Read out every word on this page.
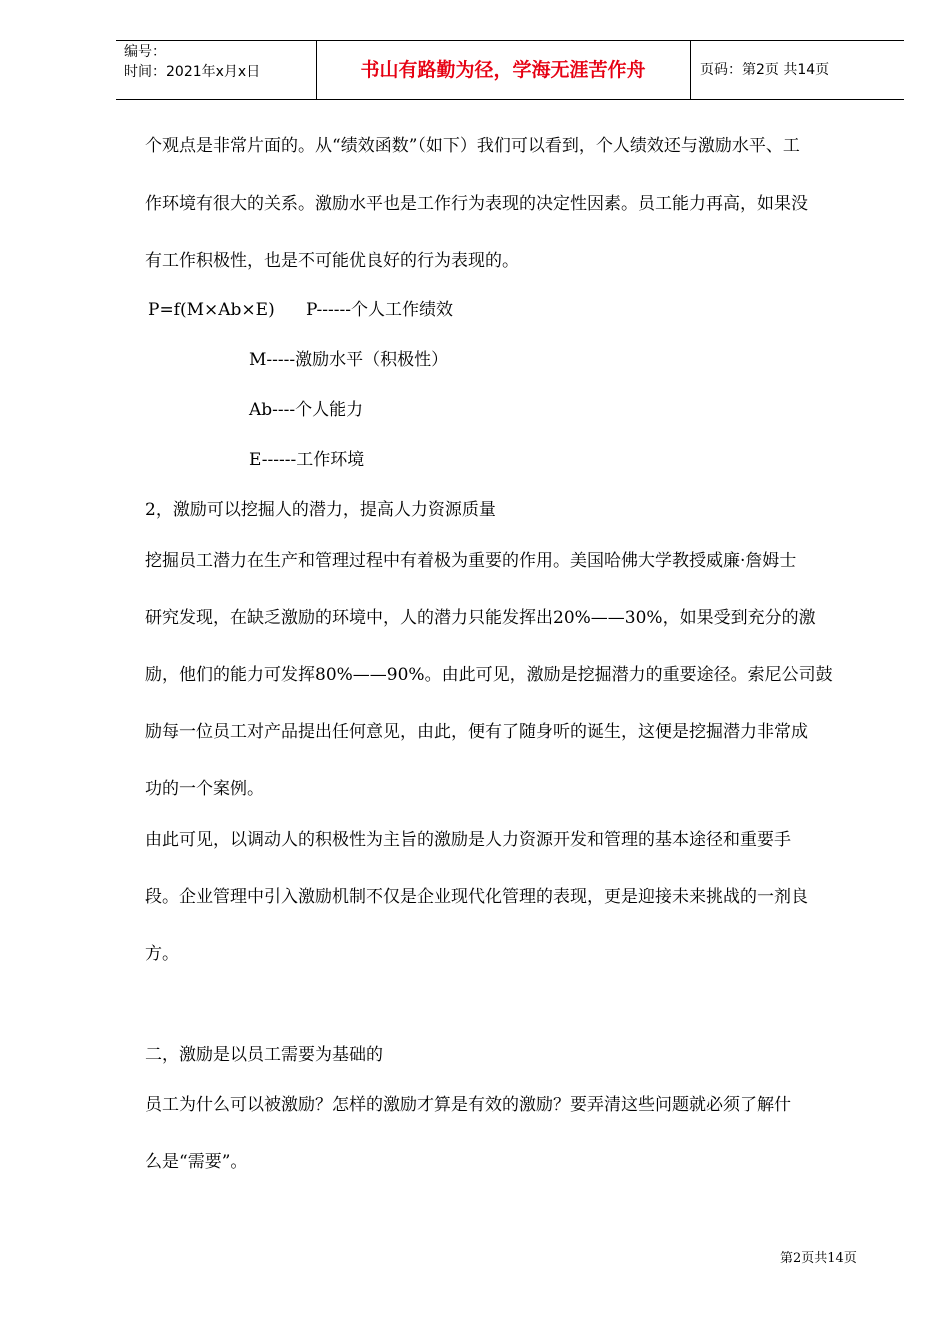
编号：
时间：2021年x月x日	书山有路勤为径，学海无涯苦作舟	页码：第2页 共14页
个观点是非常片面的。从“绩效函数”（如下）我们可以看到，个人绩效还与激励水平、工
作环境有很大的关系。激励水平也是工作行为表现的决定性因素。员工能力再高，如果没
有工作积极性，也是不可能优良好的行为表现的。
P=f(M×Ab×E) P------个人工作绩效
M-----激励水平（积极性）
Ab----个人能力
E------工作环境
2，激励可以挖掘人的潜力，提高人力资源质量
挖掘员工潜力在生产和管理过程中有着极为重要的作用。美国哈佛大学教授威廉·詹姆士
研究发现，在缺乏激励的环境中，人的潜力只能发挥出20%——30%，如果受到充分的激
励，他们的能力可发挥80%——90%。由此可见，激励是挖掘潜力的重要途径。索尼公司鼓
励每一位员工对产品提出任何意见，由此，便有了随身听的诞生，这便是挖掘潜力非常成
功的一个案例。
由此可见，以调动人的积极性为主旨的激励是人力资源开发和管理的基本途径和重要手
段。企业管理中引入激励机制不仅是企业现代化管理的表现，更是迎接未来挑战的一剂良
方。
二，激励是以员工需要为基础的
员工为什么可以被激励？怎样的激励才算是有效的激励？要弄清这些问题就必须了解什
么是“需要”。
第2页共14页
